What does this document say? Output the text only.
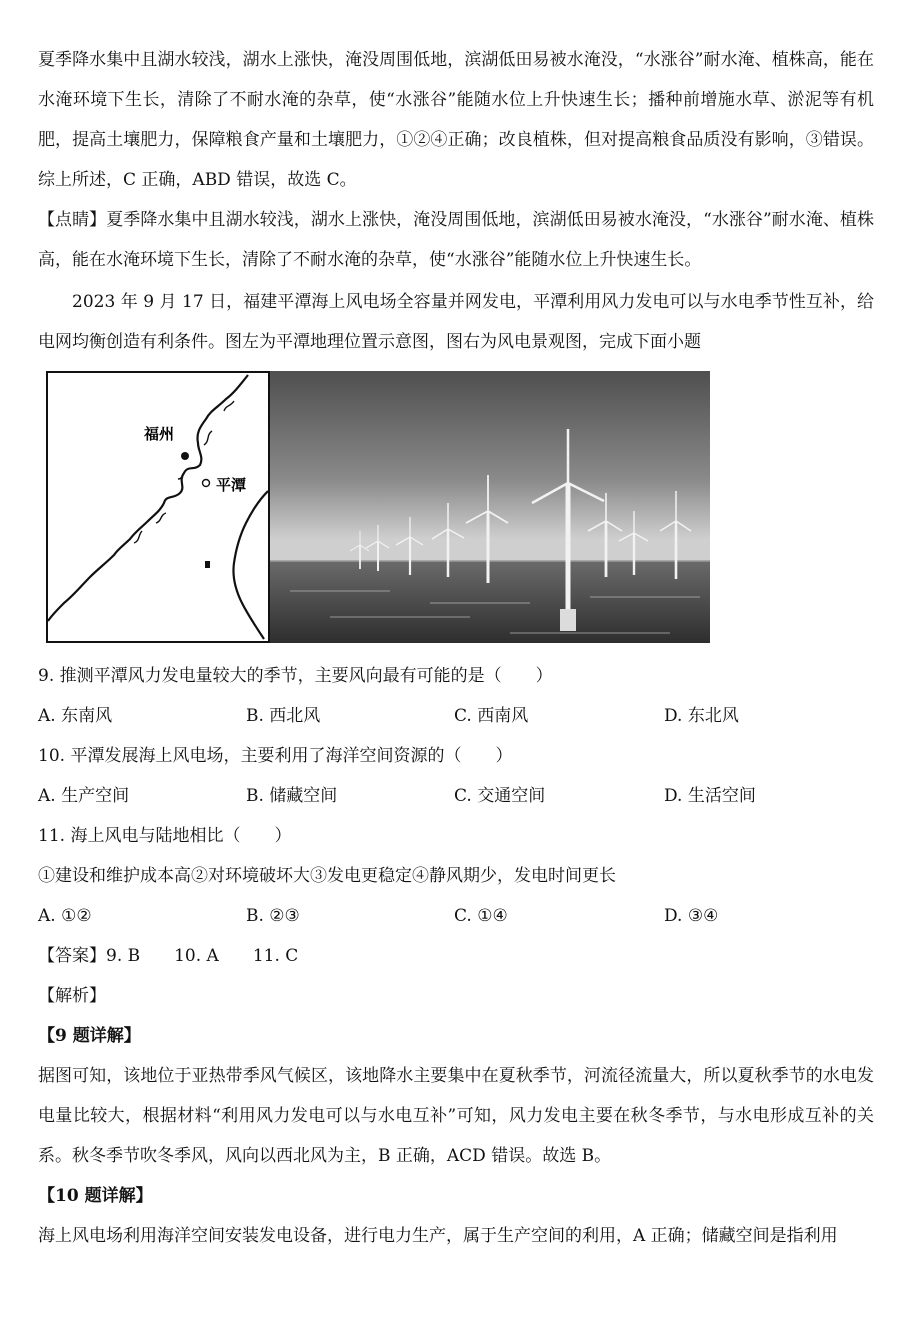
夏季降水集中且湖水较浅，湖水上涨快，淹没周围低地，滨湖低田易被水淹没，“水涨谷”耐水淹、植株高，能在水淹环境下生长，清除了不耐水淹的杂草，使“水涨谷”能随水位上升快速生长；播种前增施水草、淤泥等有机肥，提高土壤肥力，保障粮食产量和土壤肥力，①②④正确；改良植株，但对提高粮食品质没有影响，③错误。综上所述，C 正确，ABD 错误，故选 C。

【点睛】夏季降水集中且湖水较浅，湖水上涨快，淹没周围低地，滨湖低田易被水淹没，“水涨谷”耐水淹、植株高，能在水淹环境下生长，清除了不耐水淹的杂草，使“水涨谷”能随水位上升快速生长。

2023 年 9 月 17 日，福建平潭海上风电场全容量并网发电，平潭利用风力发电可以与水电季节性互补，给电网均衡创造有利条件。图左为平潭地理位置示意图，图右为风电景观图，完成下面小题

福州
平潭

9. 推测平潭风力发电量较大的季节，主要风向最有可能的是（　　）

A. 东南风	B. 西北风	C. 西南风	D. 东北风

10. 平潭发展海上风电场，主要利用了海洋空间资源的（　　）

A. 生产空间	B. 储藏空间	C. 交通空间	D. 生活空间

11. 海上风电与陆地相比（　　）

①建设和维护成本高②对环境破坏大③发电更稳定④静风期少，发电时间更长

A. ①②	B. ②③	C. ①④	D. ③④

【答案】9. B　　10. A　　11. C

【解析】

【9 题详解】

据图可知，该地位于亚热带季风气候区，该地降水主要集中在夏秋季节，河流径流量大，所以夏秋季节的水电发电量比较大，根据材料“利用风力发电可以与水电互补”可知，风力发电主要在秋冬季节，与水电形成互补的关系。秋冬季节吹冬季风，风向以西北风为主，B 正确，ACD 错误。故选 B。

【10 题详解】

海上风电场利用海洋空间安装发电设备，进行电力生产，属于生产空间的利用，A 正确；储藏空间是指利用
